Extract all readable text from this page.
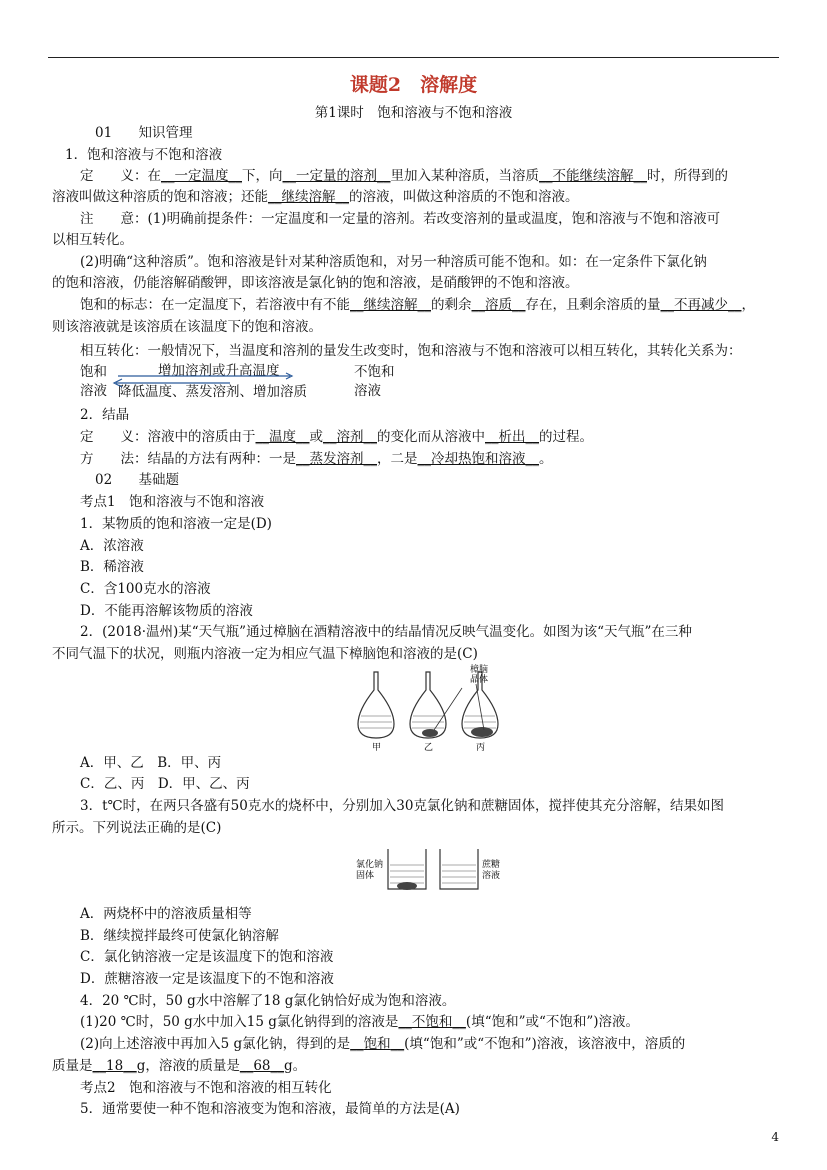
课题2　溶解度
第1课时　饱和溶液与不饱和溶液
01 知识管理
1．饱和溶液与不饱和溶液
定　　义：在__一定温度__下，向__一定量的溶剂__里加入某种溶质，当溶质__不能继续溶解__时，所得到的
溶液叫做这种溶质的饱和溶液；还能__继续溶解__的溶液，叫做这种溶质的不饱和溶液。
注　　意：(1)明确前提条件：一定温度和一定量的溶剂。若改变溶剂的量或温度，饱和溶液与不饱和溶液可
以相互转化。
(2)明确“这种溶质”。饱和溶液是针对某种溶质饱和，对另一种溶质可能不饱和。如：在一定条件下氯化钠
的饱和溶液，仍能溶解硝酸钾，即该溶液是氯化钠的饱和溶液，是硝酸钾的不饱和溶液。
饱和的标志：在一定温度下，若溶液中有不能__继续溶解__的剩余__溶质__存在，且剩余溶质的量__不再减少__，
则该溶液就是该溶质在该温度下的饱和溶液。
相互转化：一般情况下，当温度和溶剂的量发生改变时，饱和溶液与不饱和溶液可以相互转化，其转化关系为：
饱和
溶液
增加溶剂或升高温度
降低温度、蒸发溶剂、增加溶质
不饱和
溶液
2．结晶
定　　义：溶液中的溶质由于__温度__或__溶剂__的变化而从溶液中__析出__的过程。
方　　法：结晶的方法有两种：一是__蒸发溶剂__，二是__冷却热饱和溶液__。
02 基础题
考点1　饱和溶液与不饱和溶液
1．某物质的饱和溶液一定是(D)
A．浓溶液
B．稀溶液
C．含100克水的溶液
D．不能再溶解该物质的溶液
2．(2018·温州)某“天气瓶”通过樟脑在酒精溶液中的结晶情况反映气温变化。如图为该“天气瓶”在三种
不同气温下的状况，则瓶内溶液一定为相应气温下樟脑饱和溶液的是(C)
樟脑
晶体
甲	乙	丙
A．甲、乙　B．甲、丙
C．乙、丙　D．甲、乙、丙
3．t℃时，在两只各盛有50克水的烧杯中，分别加入30克氯化钠和蔗糖固体，搅拌使其充分溶解，结果如图
所示。下列说法正确的是(C)
氯化钠
固体
蔗糖
溶液
A．两烧杯中的溶液质量相等
B．继续搅拌最终可使氯化钠溶解
C．氯化钠溶液一定是该温度下的饱和溶液
D．蔗糖溶液一定是该温度下的不饱和溶液
4．20 ℃时，50 g水中溶解了18 g氯化钠恰好成为饱和溶液。
(1)20 ℃时，50 g水中加入15 g氯化钠得到的溶液是__不饱和__(填“饱和”或“不饱和”)溶液。
(2)向上述溶液中再加入5 g氯化钠，得到的是__饱和__(填“饱和”或“不饱和”)溶液，该溶液中，溶质的
质量是__18__g，溶液的质量是__68__g。
考点2　饱和溶液与不饱和溶液的相互转化
5．通常要使一种不饱和溶液变为饱和溶液，最简单的方法是(A)
4
